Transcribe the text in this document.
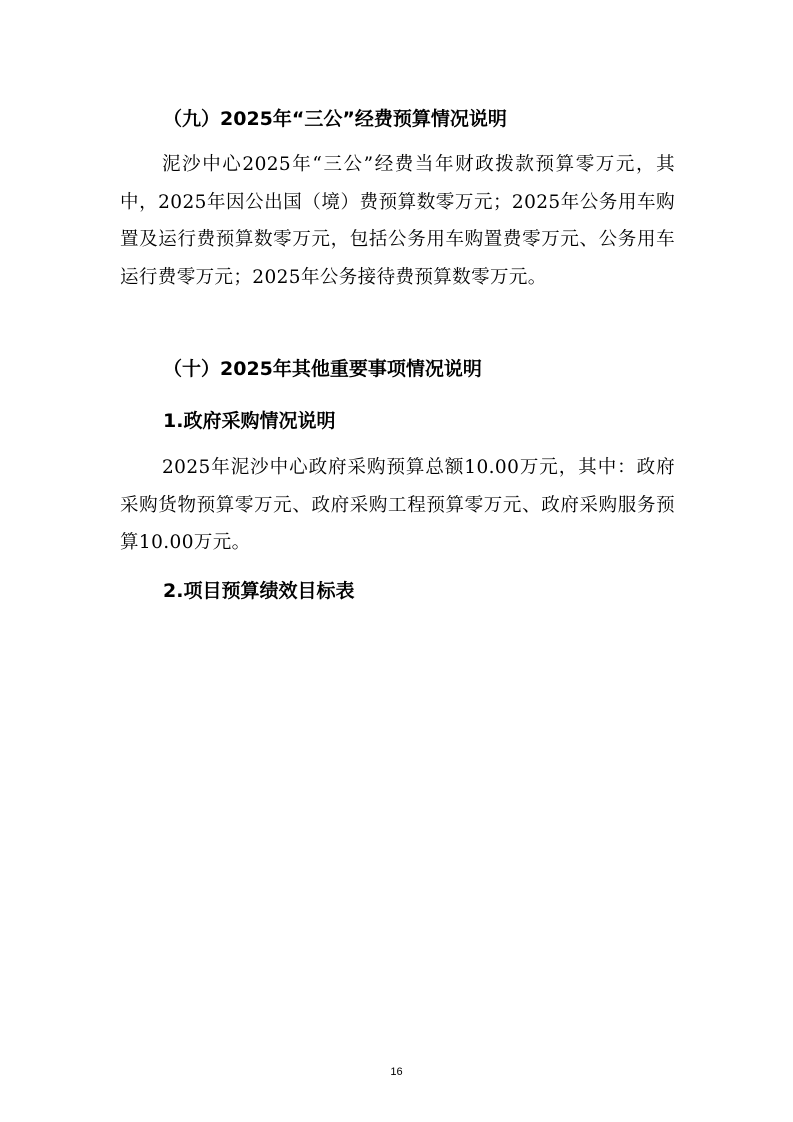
（九）2025年“三公”经费预算情况说明

泥沙中心2025年“三公”经费当年财政拨款预算零万元，其中，2025年因公出国（境）费预算数零万元；2025年公务用车购置及运行费预算数零万元，包括公务用车购置费零万元、公务用车运行费零万元；2025年公务接待费预算数零万元。

（十）2025年其他重要事项情况说明
1.政府采购情况说明

2025年泥沙中心政府采购预算总额10.00万元，其中：政府采购货物预算零万元、政府采购工程预算零万元、政府采购服务预算10.00万元。

2.项目预算绩效目标表
16
